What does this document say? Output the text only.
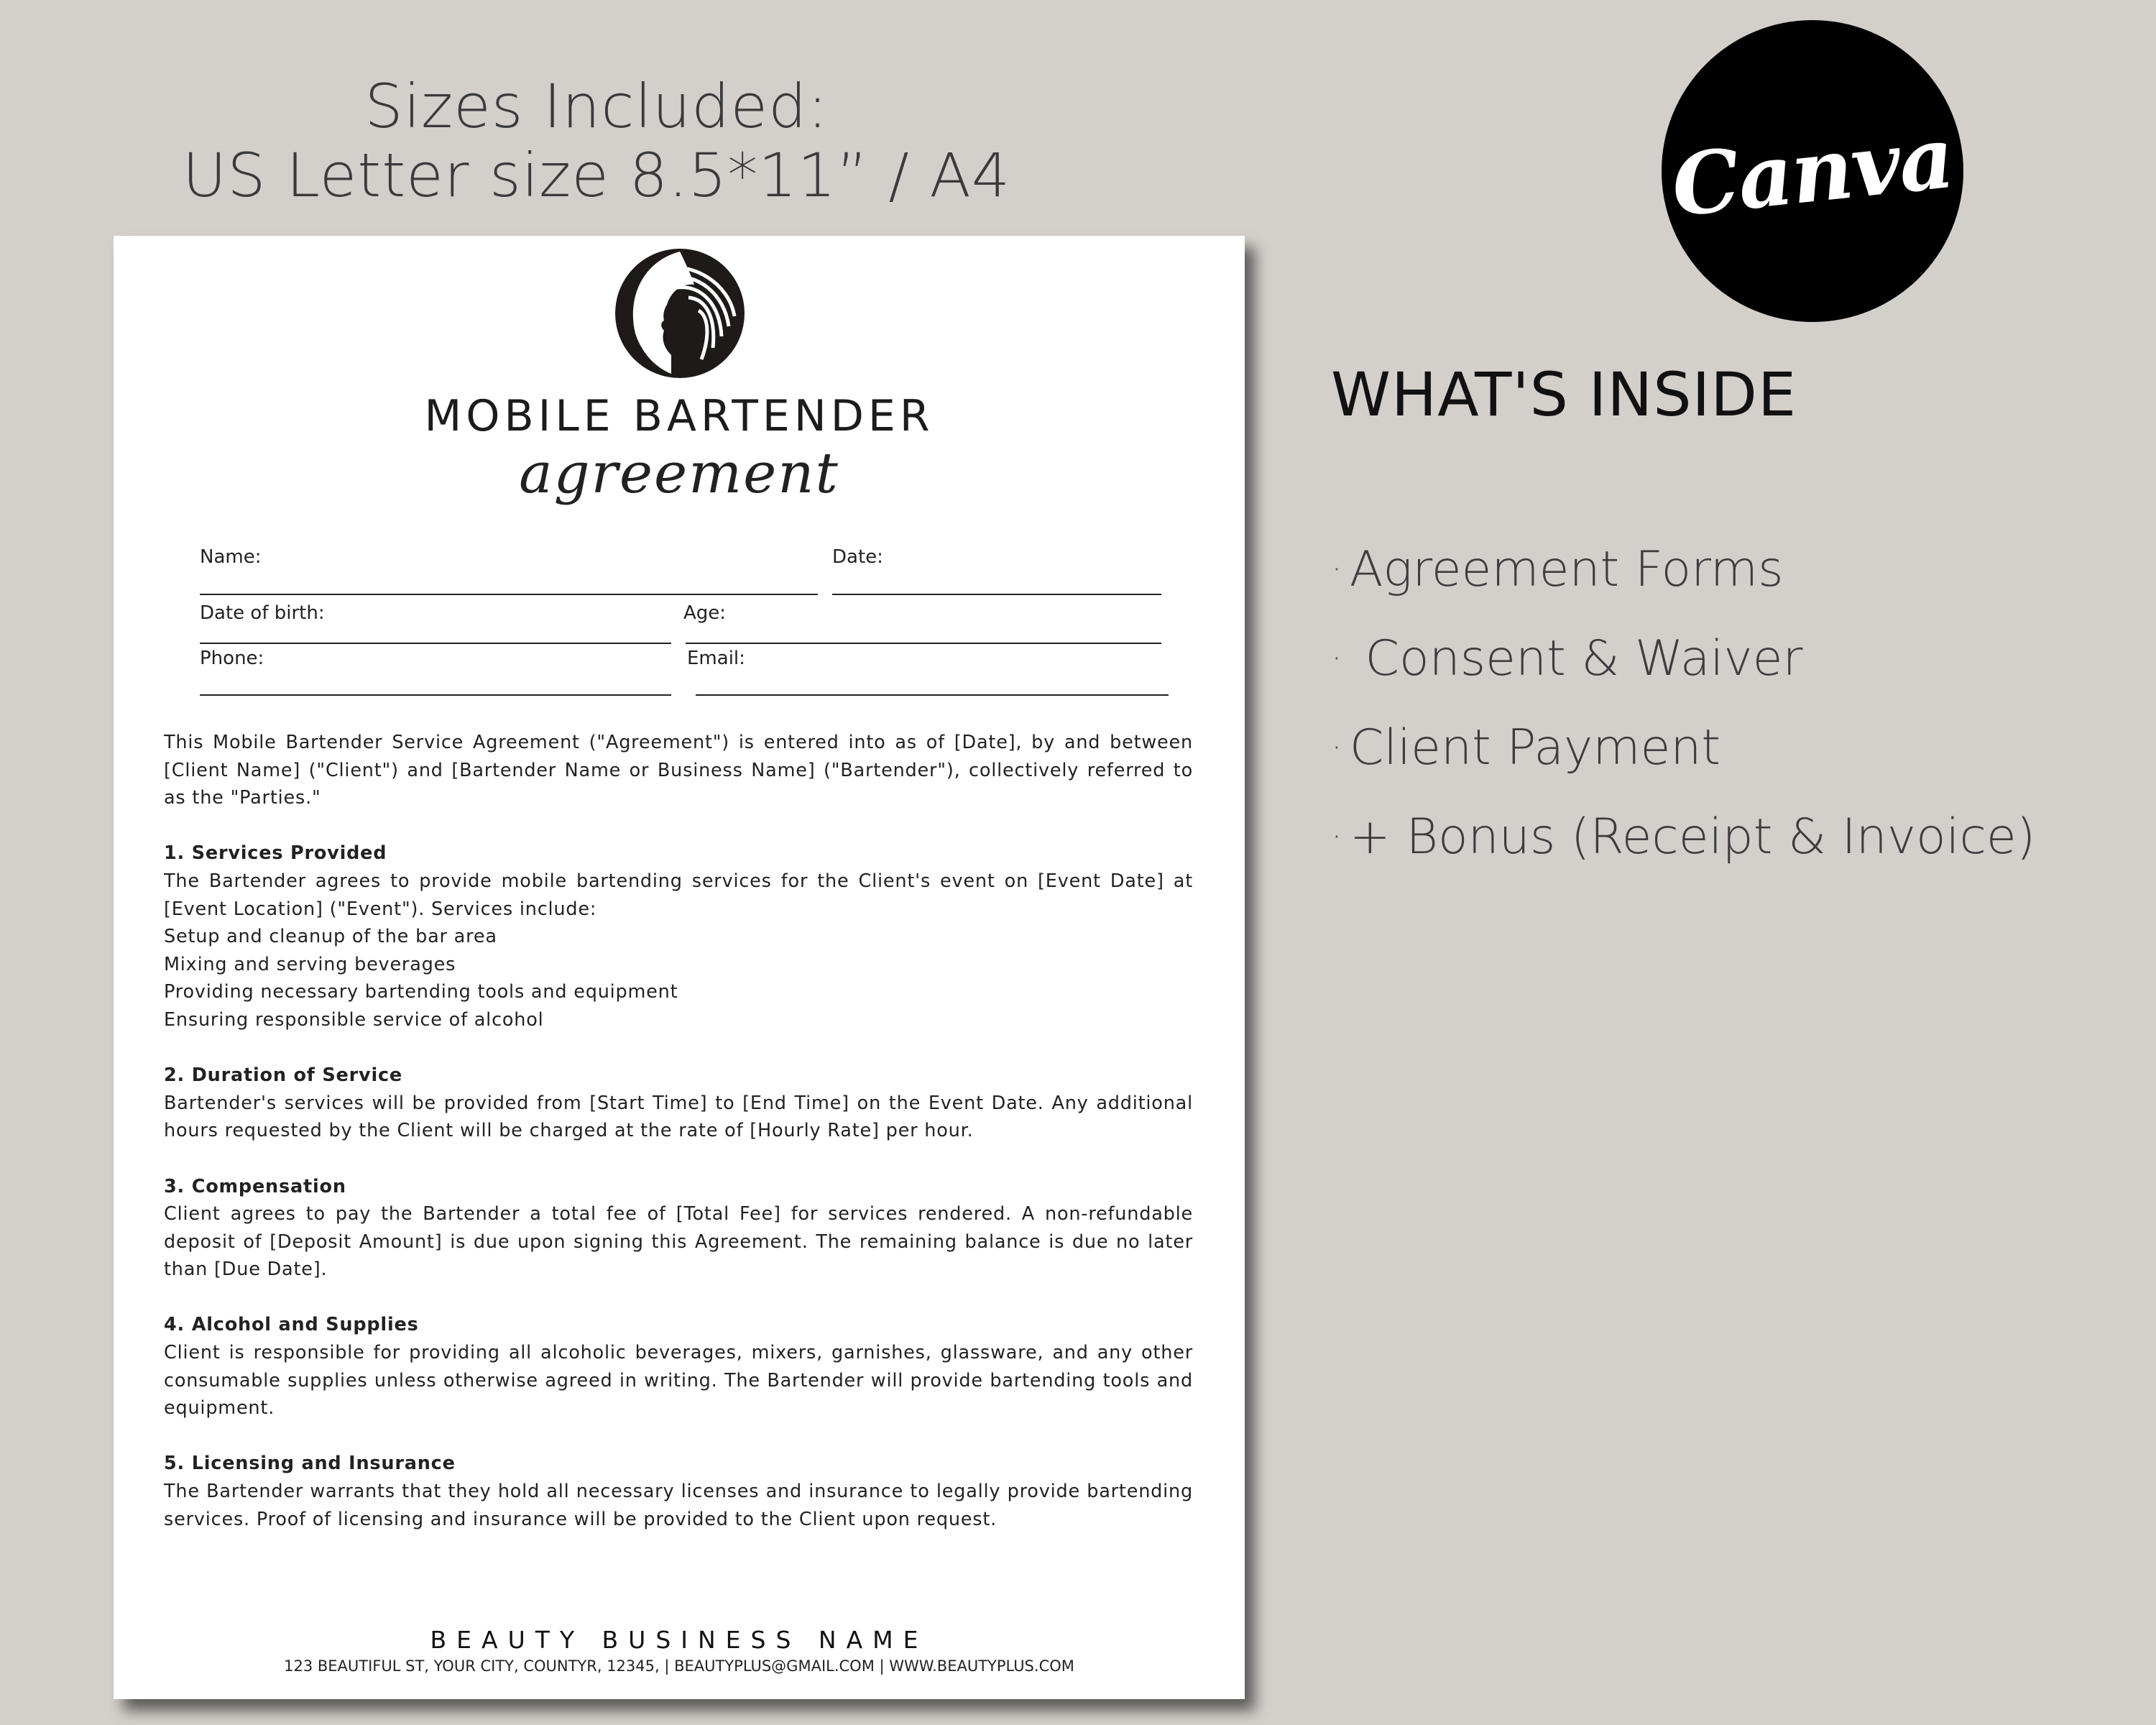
Sizes Included:
US Letter size 8.5*11” / A4	Canva
WHAT'S INSIDE
· Agreement Forms
· Consent & Waiver
· Client Payment
· + Bonus (Receipt & Invoice)
MOBILE BARTENDER
agreement
Name:	Date:
Date of birth:	Age:
Phone:	Email:

This Mobile Bartender Service Agreement ("Agreement") is entered into as of [Date], by and between [Client Name] ("Client") and [Bartender Name or Business Name] ("Bartender"), collectively referred to as the "Parties."

1. Services Provided
The Bartender agrees to provide mobile bartending services for the Client's event on [Event Date] at [Event Location] ("Event"). Services include:
Setup and cleanup of the bar area
Mixing and serving beverages
Providing necessary bartending tools and equipment
Ensuring responsible service of alcohol

2. Duration of Service
Bartender's services will be provided from [Start Time] to [End Time] on the Event Date. Any additional hours requested by the Client will be charged at the rate of [Hourly Rate] per hour.

3. Compensation
Client agrees to pay the Bartender a total fee of [Total Fee] for services rendered. A non-refundable deposit of [Deposit Amount] is due upon signing this Agreement. The remaining balance is due no later than [Due Date].

4. Alcohol and Supplies
Client is responsible for providing all alcoholic beverages, mixers, garnishes, glassware, and any other consumable supplies unless otherwise agreed in writing. The Bartender will provide bartending tools and equipment.

5. Licensing and Insurance
The Bartender warrants that they hold all necessary licenses and insurance to legally provide bartending services. Proof of licensing and insurance will be provided to the Client upon request.

BEAUTY BUSINESS NAME
123 BEAUTIFUL ST, YOUR CITY, COUNTYR, 12345, | BEAUTYPLUS@GMAIL.COM | WWW.BEAUTYPLUS.COM
